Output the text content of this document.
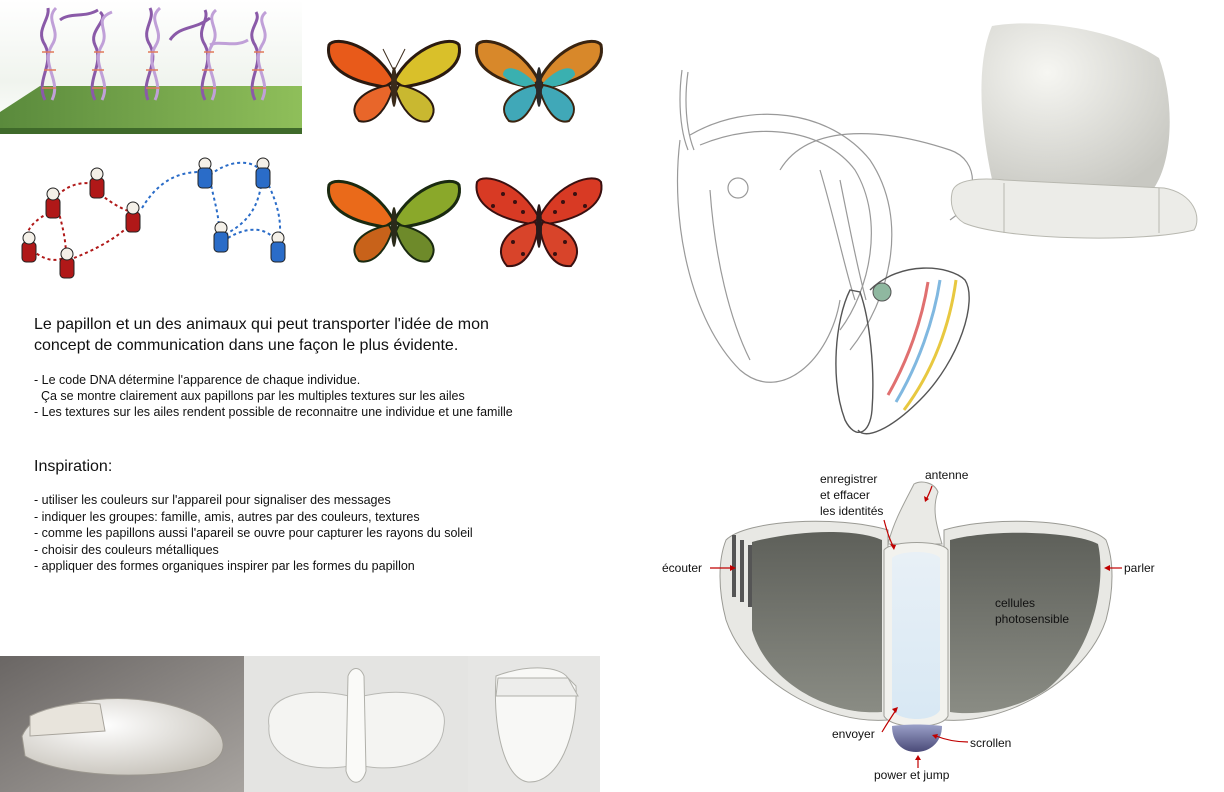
Le papillon et un des animaux qui peut transporter l'idée de mon
concept de communication dans une façon le plus évidente.
- Le code DNA détermine l'apparence de chaque individue.
Ça se montre clairement aux papillons par les multiples textures sur les ailes
- Les textures sur les ailes rendent possible de reconnaitre une individue et une famille
Inspiration:
- utiliser les couleurs sur l'appareil pour signaliser des messages
- indiquer les groupes: famille, amis, autres par des couleurs, textures
- comme les papillons aussi l'apareil se ouvre pour capturer les rayons du soleil
- choisir des couleurs métalliques
- appliquer des formes organiques inspirer par les formes du papillon
enregistrer
et effacer
les identités
antenne
écouter	parler
cellules
photosensible
envoyer
scrollen
power et jump
